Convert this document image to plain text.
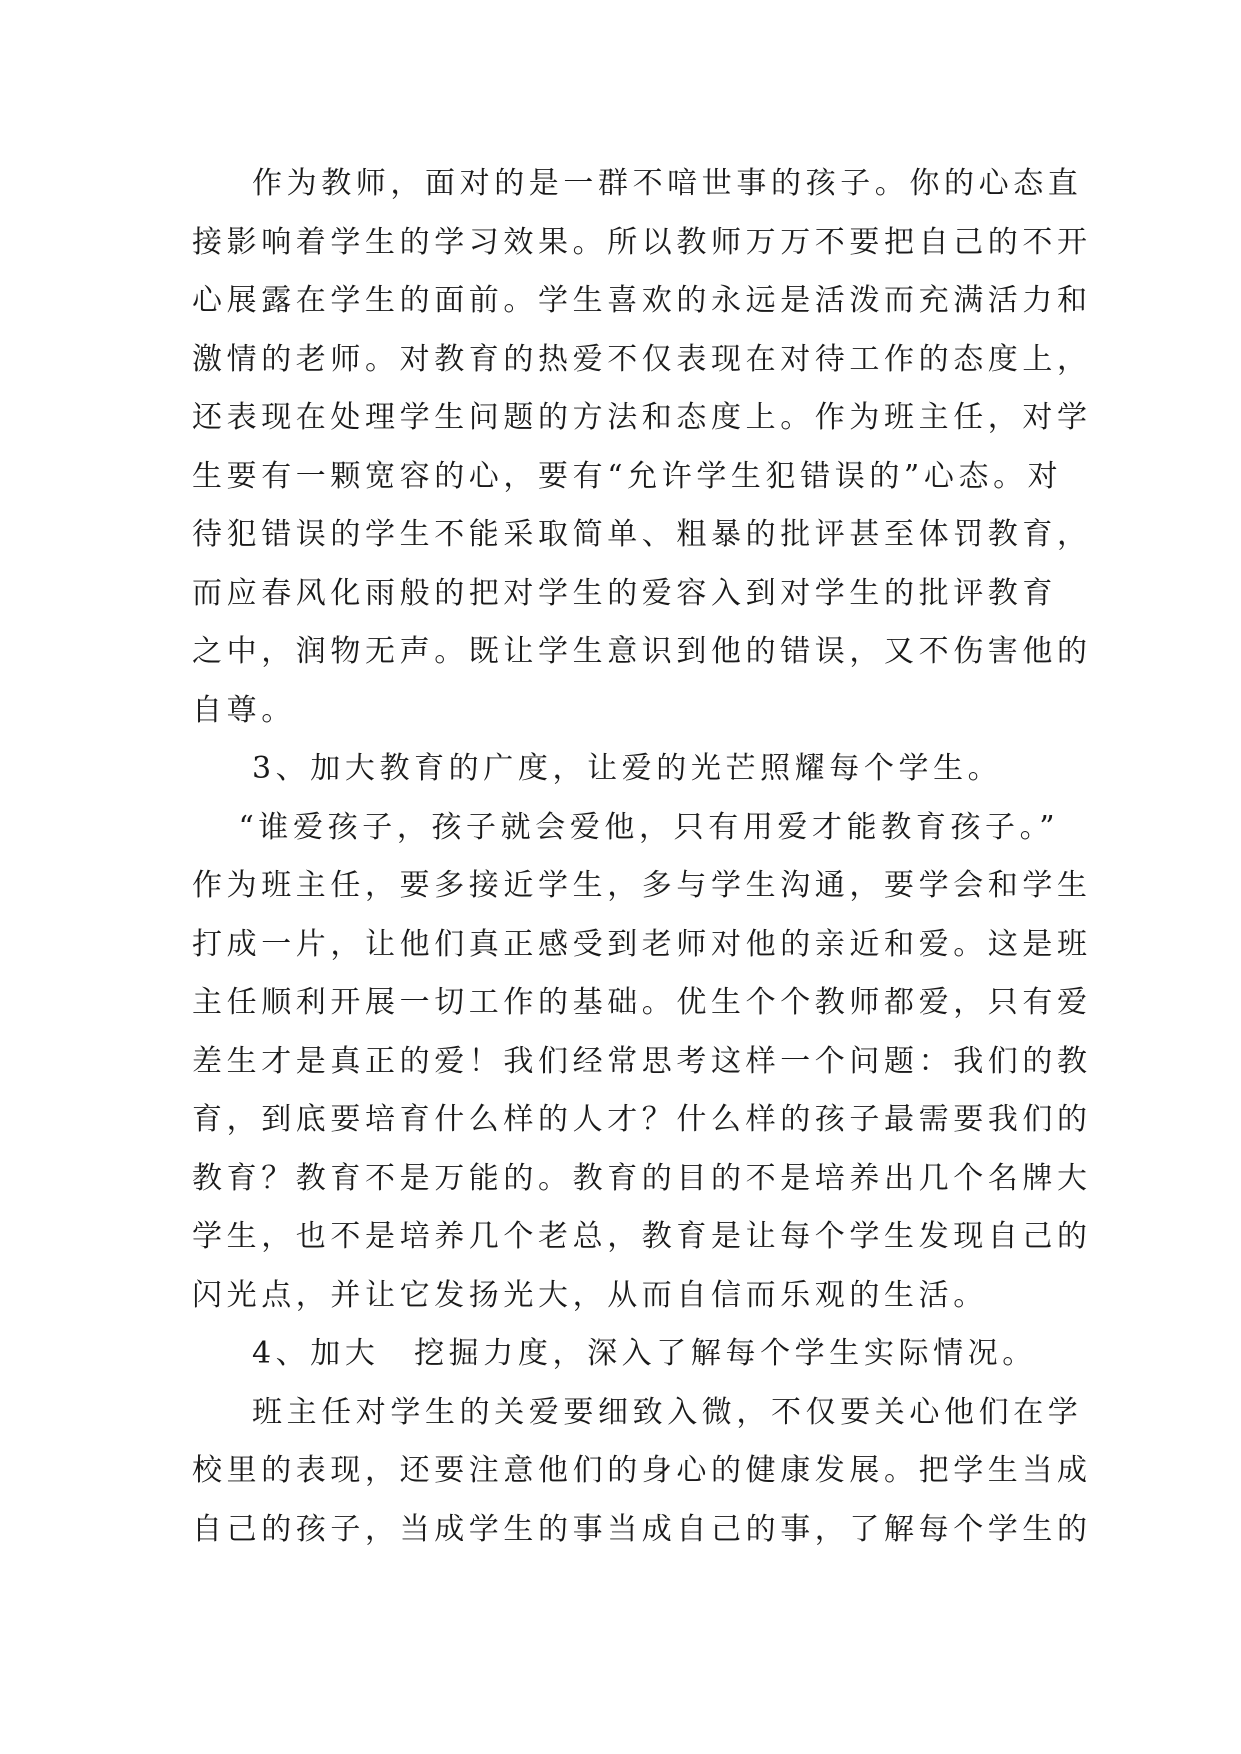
作为教师，面对的是一群不喑世事的孩子。你的心态直
接影响着学生的学习效果。所以教师万万不要把自己的不开
心展露在学生的面前。学生喜欢的永远是活泼而充满活力和
激情的老师。对教育的热爱不仅表现在对待工作的态度上，
还表现在处理学生问题的方法和态度上。作为班主任，对学
生要有一颗宽容的心，要有“允许学生犯错误的”心态。对
待犯错误的学生不能采取简单、粗暴的批评甚至体罚教育，
而应春风化雨般的把对学生的爱容入到对学生的批评教育
之中，润物无声。既让学生意识到他的错误，又不伤害他的
自尊。

3、加大教育的广度，让爱的光芒照耀每个学生。

“谁爱孩子，孩子就会爱他，只有用爱才能教育孩子。”
作为班主任，要多接近学生，多与学生沟通，要学会和学生
打成一片，让他们真正感受到老师对他的亲近和爱。这是班
主任顺利开展一切工作的基础。优生个个教师都爱，只有爱
差生才是真正的爱！我们经常思考这样一个问题：我们的教
育，到底要培育什么样的人才？什么样的孩子最需要我们的
教育？教育不是万能的。教育的目的不是培养出几个名牌大
学生，也不是培养几个老总，教育是让每个学生发现自己的
闪光点，并让它发扬光大，从而自信而乐观的生活。

4、加大　挖掘力度，深入了解每个学生实际情况。

班主任对学生的关爱要细致入微，不仅要关心他们在学
校里的表现，还要注意他们的身心的健康发展。把学生当成
自己的孩子，当成学生的事当成自己的事，了解每个学生的
